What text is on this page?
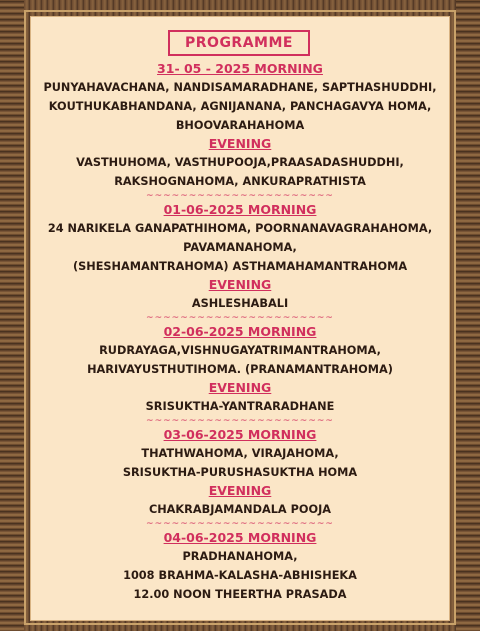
PROGRAMME
31- 05 - 2025 MORNING
PUNYAHAVACHANA, NANDISAMARADHANE, SAPTHASHUDDHI,
KOUTHUKABHANDANA, AGNIJANANA, PANCHAGAVYA HOMA,
BHOOVARAHAHOMA
EVENING
VASTHUHOMA, VASTHUPOOJA,PRAASADASHUDDHI,
RAKSHOGNAHOMA, ANKURAPRATHISTA
~~~~~~~~~~~~~~~~~~~~~~
01-06-2025 MORNING
24 NARIKELA GANAPATHIHOMA, POORNANAVAGRAHAHOMA,
PAVAMANAHOMA,
(SHESHAMANTRAHOMA) ASTHAMAHAMANTRAHOMA
EVENING
ASHLESHABALI
~~~~~~~~~~~~~~~~~~~~~~
02-06-2025 MORNING
RUDRAYAGA,VISHNUGAYATRIMANTRAHOMA,
HARIVAYUSTHUTIHOMA. (PRANAMANTRAHOMA)
EVENING
SRISUKTHA-YANTRARADHANE
~~~~~~~~~~~~~~~~~~~~~~
03-06-2025 MORNING
THATHWAHOMA, VIRAJAHOMA,
SRISUKTHA-PURUSHASUKTHA HOMA
EVENING
CHAKRABJAMANDALA POOJA
~~~~~~~~~~~~~~~~~~~~~~
04-06-2025 MORNING
PRADHANAHOMA,
1008 BRAHMA-KALASHA-ABHISHEKA
12.00 NOON THEERTHA PRASADA
